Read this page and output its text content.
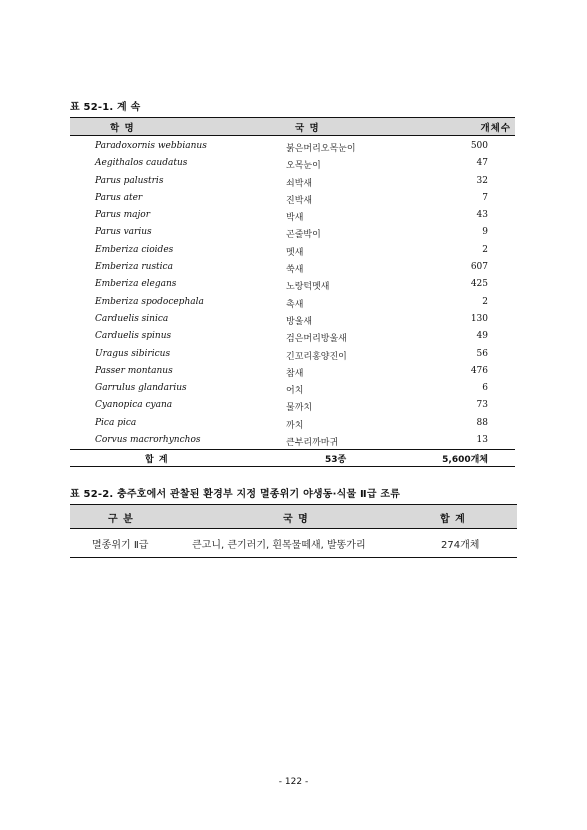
표 52-1. 계 속
학 명	국 명	개체수
Paradoxornis webbianus	붉은머리오목눈이	500
Aegithalos caudatus	오목눈이	47
Parus palustris	쇠박새	32
Parus ater	진박새	7
Parus major	박새	43
Parus varius	곤줄박이	9
Emberiza cioides	멧새	2
Emberiza rustica	쑥새	607
Emberiza elegans	노랑턱멧새	425
Emberiza spodocephala	촉새	2
Carduelis sinica	방울새	130
Carduelis spinus	검은머리방울새	49
Uragus sibiricus	긴꼬리홍양진이	56
Passer montanus	참새	476
Garrulus glandarius	어치	6
Cyanopica cyana	물까치	73
Pica pica	까치	88
Corvus macrorhynchos	큰부리까마귀	13
합 계	53종	5,600개체
표 52-2. 충주호에서 관찰된 환경부 지정 멸종위기 야생동·식물 Ⅱ급 조류
구 분	국 명	합 계
멸종위기 Ⅱ급	큰고니, 큰기러기, 흰목물떼새, 발똥가리	274개체
- 122 -
